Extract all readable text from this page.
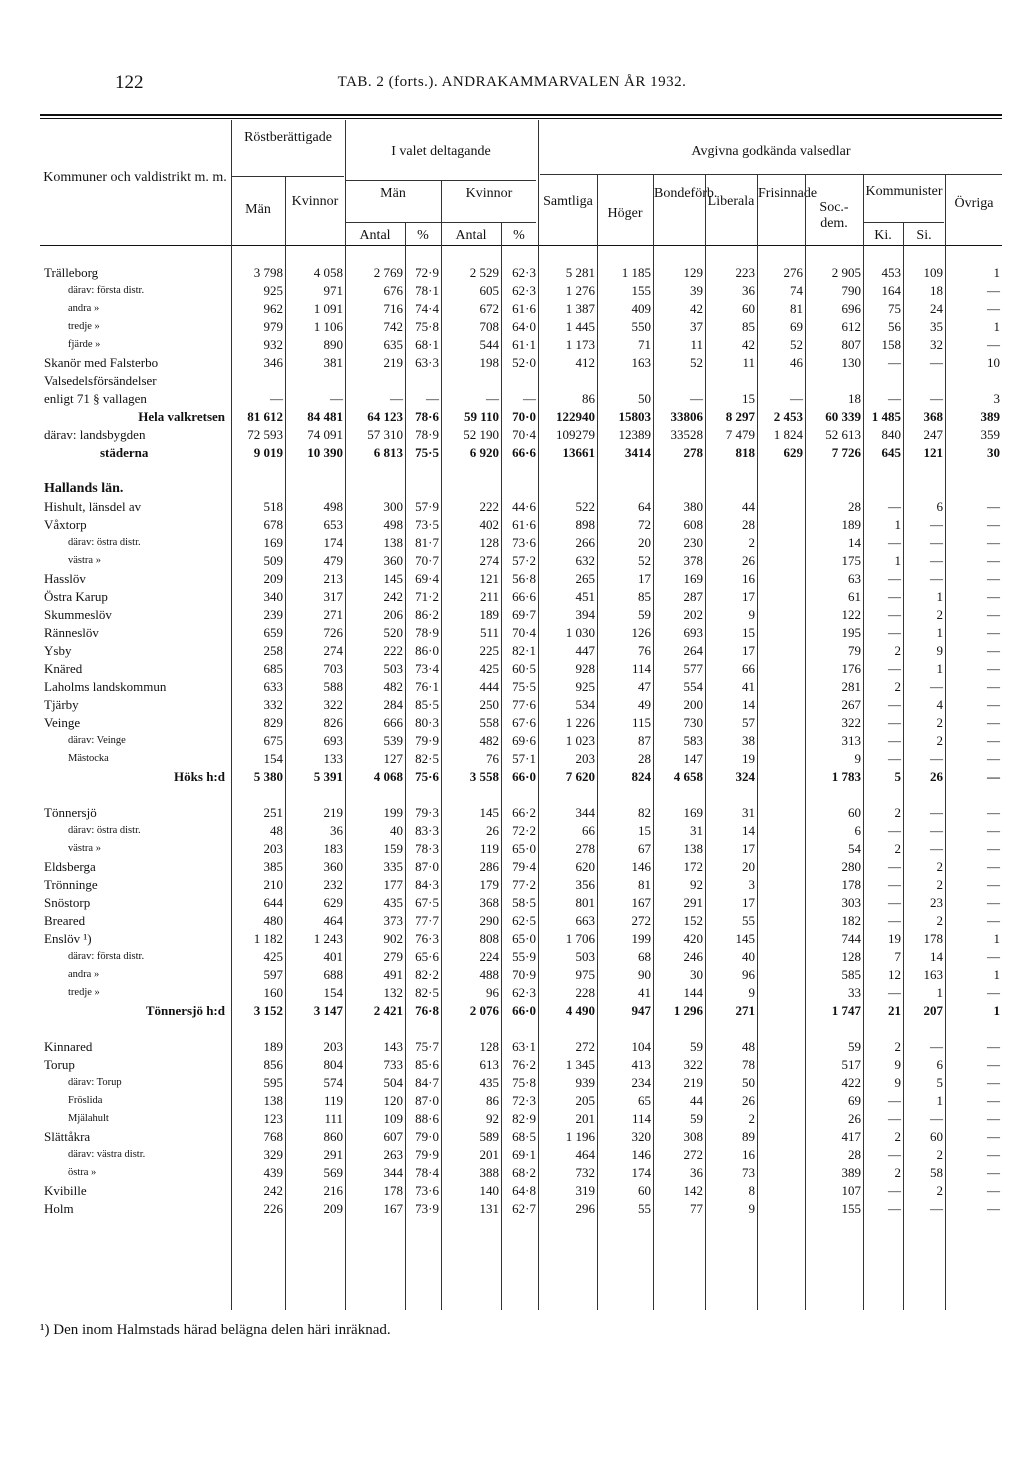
122	TAB. 2 (forts.). ANDRAKAMMARVALEN ÅR 1932.
Kommuner och valdistrikt m. m.
Röstberättigade
Män
Kvinnor
I valet deltagande
Män	Kvinnor
Antal	%	Antal	%
Avgivna godkända valsedlar
Samtliga
Höger
Bondeförb.
Liberala
Frisinnade
Soc.-dem.
Kommunister
Ki.	Si.
Övriga
Trälleborg	3 798	4 058	2 769	72·9	2 529	62·3	5 281	1 185	129	223	276	2 905	453	109	1
därav: första distr.	925	971	676	78·1	605	62·3	1 276	155	39	36	74	790	164	18	—
andra »	962	1 091	716	74·4	672	61·6	1 387	409	42	60	81	696	75	24	—
tredje »	979	1 106	742	75·8	708	64·0	1 445	550	37	85	69	612	56	35	1
fjärde »	932	890	635	68·1	544	61·1	1 173	71	11	42	52	807	158	32	—
Skanör med Falsterbo	346	381	219	63·3	198	52·0	412	163	52	11	46	130	—	—	10
Valsedelsförsändelser															
enligt 71 § vallagen	—	—	—	—	—	—	86	50	—	15	—	18	—	—	3
Hela valkretsen	81 612	84 481	64 123	78·6	59 110	70·0	122940	15803	33806	8 297	2 453	60 339	1 485	368	389
därav: landsbygden	72 593	74 091	57 310	78·9	52 190	70·4	109279	12389	33528	7 479	1 824	52 613	840	247	359
städerna	9 019	10 390	6 813	75·5	6 920	66·6	13661	3414	278	818	629	7 726	645	121	30

Hallands län.															
Hishult, länsdel av	518	498	300	57·9	222	44·6	522	64	380	44		28	—	6	—
Våxtorp	678	653	498	73·5	402	61·6	898	72	608	28		189	1	—	—
därav: östra distr.	169	174	138	81·7	128	73·6	266	20	230	2		14	—	—	—
västra »	509	479	360	70·7	274	57·2	632	52	378	26		175	1	—	—
Hasslöv	209	213	145	69·4	121	56·8	265	17	169	16		63	—	—	—
Östra Karup	340	317	242	71·2	211	66·6	451	85	287	17		61	—	1	—
Skummeslöv	239	271	206	86·2	189	69·7	394	59	202	9		122	—	2	—
Ränneslöv	659	726	520	78·9	511	70·4	1 030	126	693	15		195	—	1	—
Ysby	258	274	222	86·0	225	82·1	447	76	264	17		79	2	9	—
Knäred	685	703	503	73·4	425	60·5	928	114	577	66		176	—	1	—
Laholms landskommun	633	588	482	76·1	444	75·5	925	47	554	41		281	2	—	—
Tjärby	332	322	284	85·5	250	77·6	534	49	200	14		267	—	4	—
Veinge	829	826	666	80·3	558	67·6	1 226	115	730	57		322	—	2	—
därav: Veinge	675	693	539	79·9	482	69·6	1 023	87	583	38		313	—	2	—
Mästocka	154	133	127	82·5	76	57·1	203	28	147	19		9	—	—	—
Höks h:d	5 380	5 391	4 068	75·6	3 558	66·0	7 620	824	4 658	324		1 783	5	26	—

Tönnersjö	251	219	199	79·3	145	66·2	344	82	169	31		60	2	—	—
därav: östra distr.	48	36	40	83·3	26	72·2	66	15	31	14		6	—	—	—
västra »	203	183	159	78·3	119	65·0	278	67	138	17		54	2	—	—
Eldsberga	385	360	335	87·0	286	79·4	620	146	172	20		280	—	2	—
Trönninge	210	232	177	84·3	179	77·2	356	81	92	3		178	—	2	—
Snöstorp	644	629	435	67·5	368	58·5	801	167	291	17		303	—	23	—
Breared	480	464	373	77·7	290	62·5	663	272	152	55		182	—	2	—
Enslöv ¹)	1 182	1 243	902	76·3	808	65·0	1 706	199	420	145		744	19	178	1
därav: första distr.	425	401	279	65·6	224	55·9	503	68	246	40		128	7	14	—
andra »	597	688	491	82·2	488	70·9	975	90	30	96		585	12	163	1
tredje »	160	154	132	82·5	96	62·3	228	41	144	9		33	—	1	—
Tönnersjö h:d	3 152	3 147	2 421	76·8	2 076	66·0	4 490	947	1 296	271		1 747	21	207	1

Kinnared	189	203	143	75·7	128	63·1	272	104	59	48		59	2	—	—
Torup	856	804	733	85·6	613	76·2	1 345	413	322	78		517	9	6	—
därav: Torup	595	574	504	84·7	435	75·8	939	234	219	50		422	9	5	—
Fröslida	138	119	120	87·0	86	72·3	205	65	44	26		69	—	1	—
Mjälahult	123	111	109	88·6	92	82·9	201	114	59	2		26	—	—	—
Slättåkra	768	860	607	79·0	589	68·5	1 196	320	308	89		417	2	60	—
därav: västra distr.	329	291	263	79·9	201	69·1	464	146	272	16		28	—	2	—
östra »	439	569	344	78·4	388	68·2	732	174	36	73		389	2	58	—
Kvibille	242	216	178	73·6	140	64·8	319	60	142	8		107	—	2	—
Holm	226	209	167	73·9	131	62·7	296	55	77	9		155	—	—	—
¹) Den inom Halmstads härad belägna delen häri inräknad.
